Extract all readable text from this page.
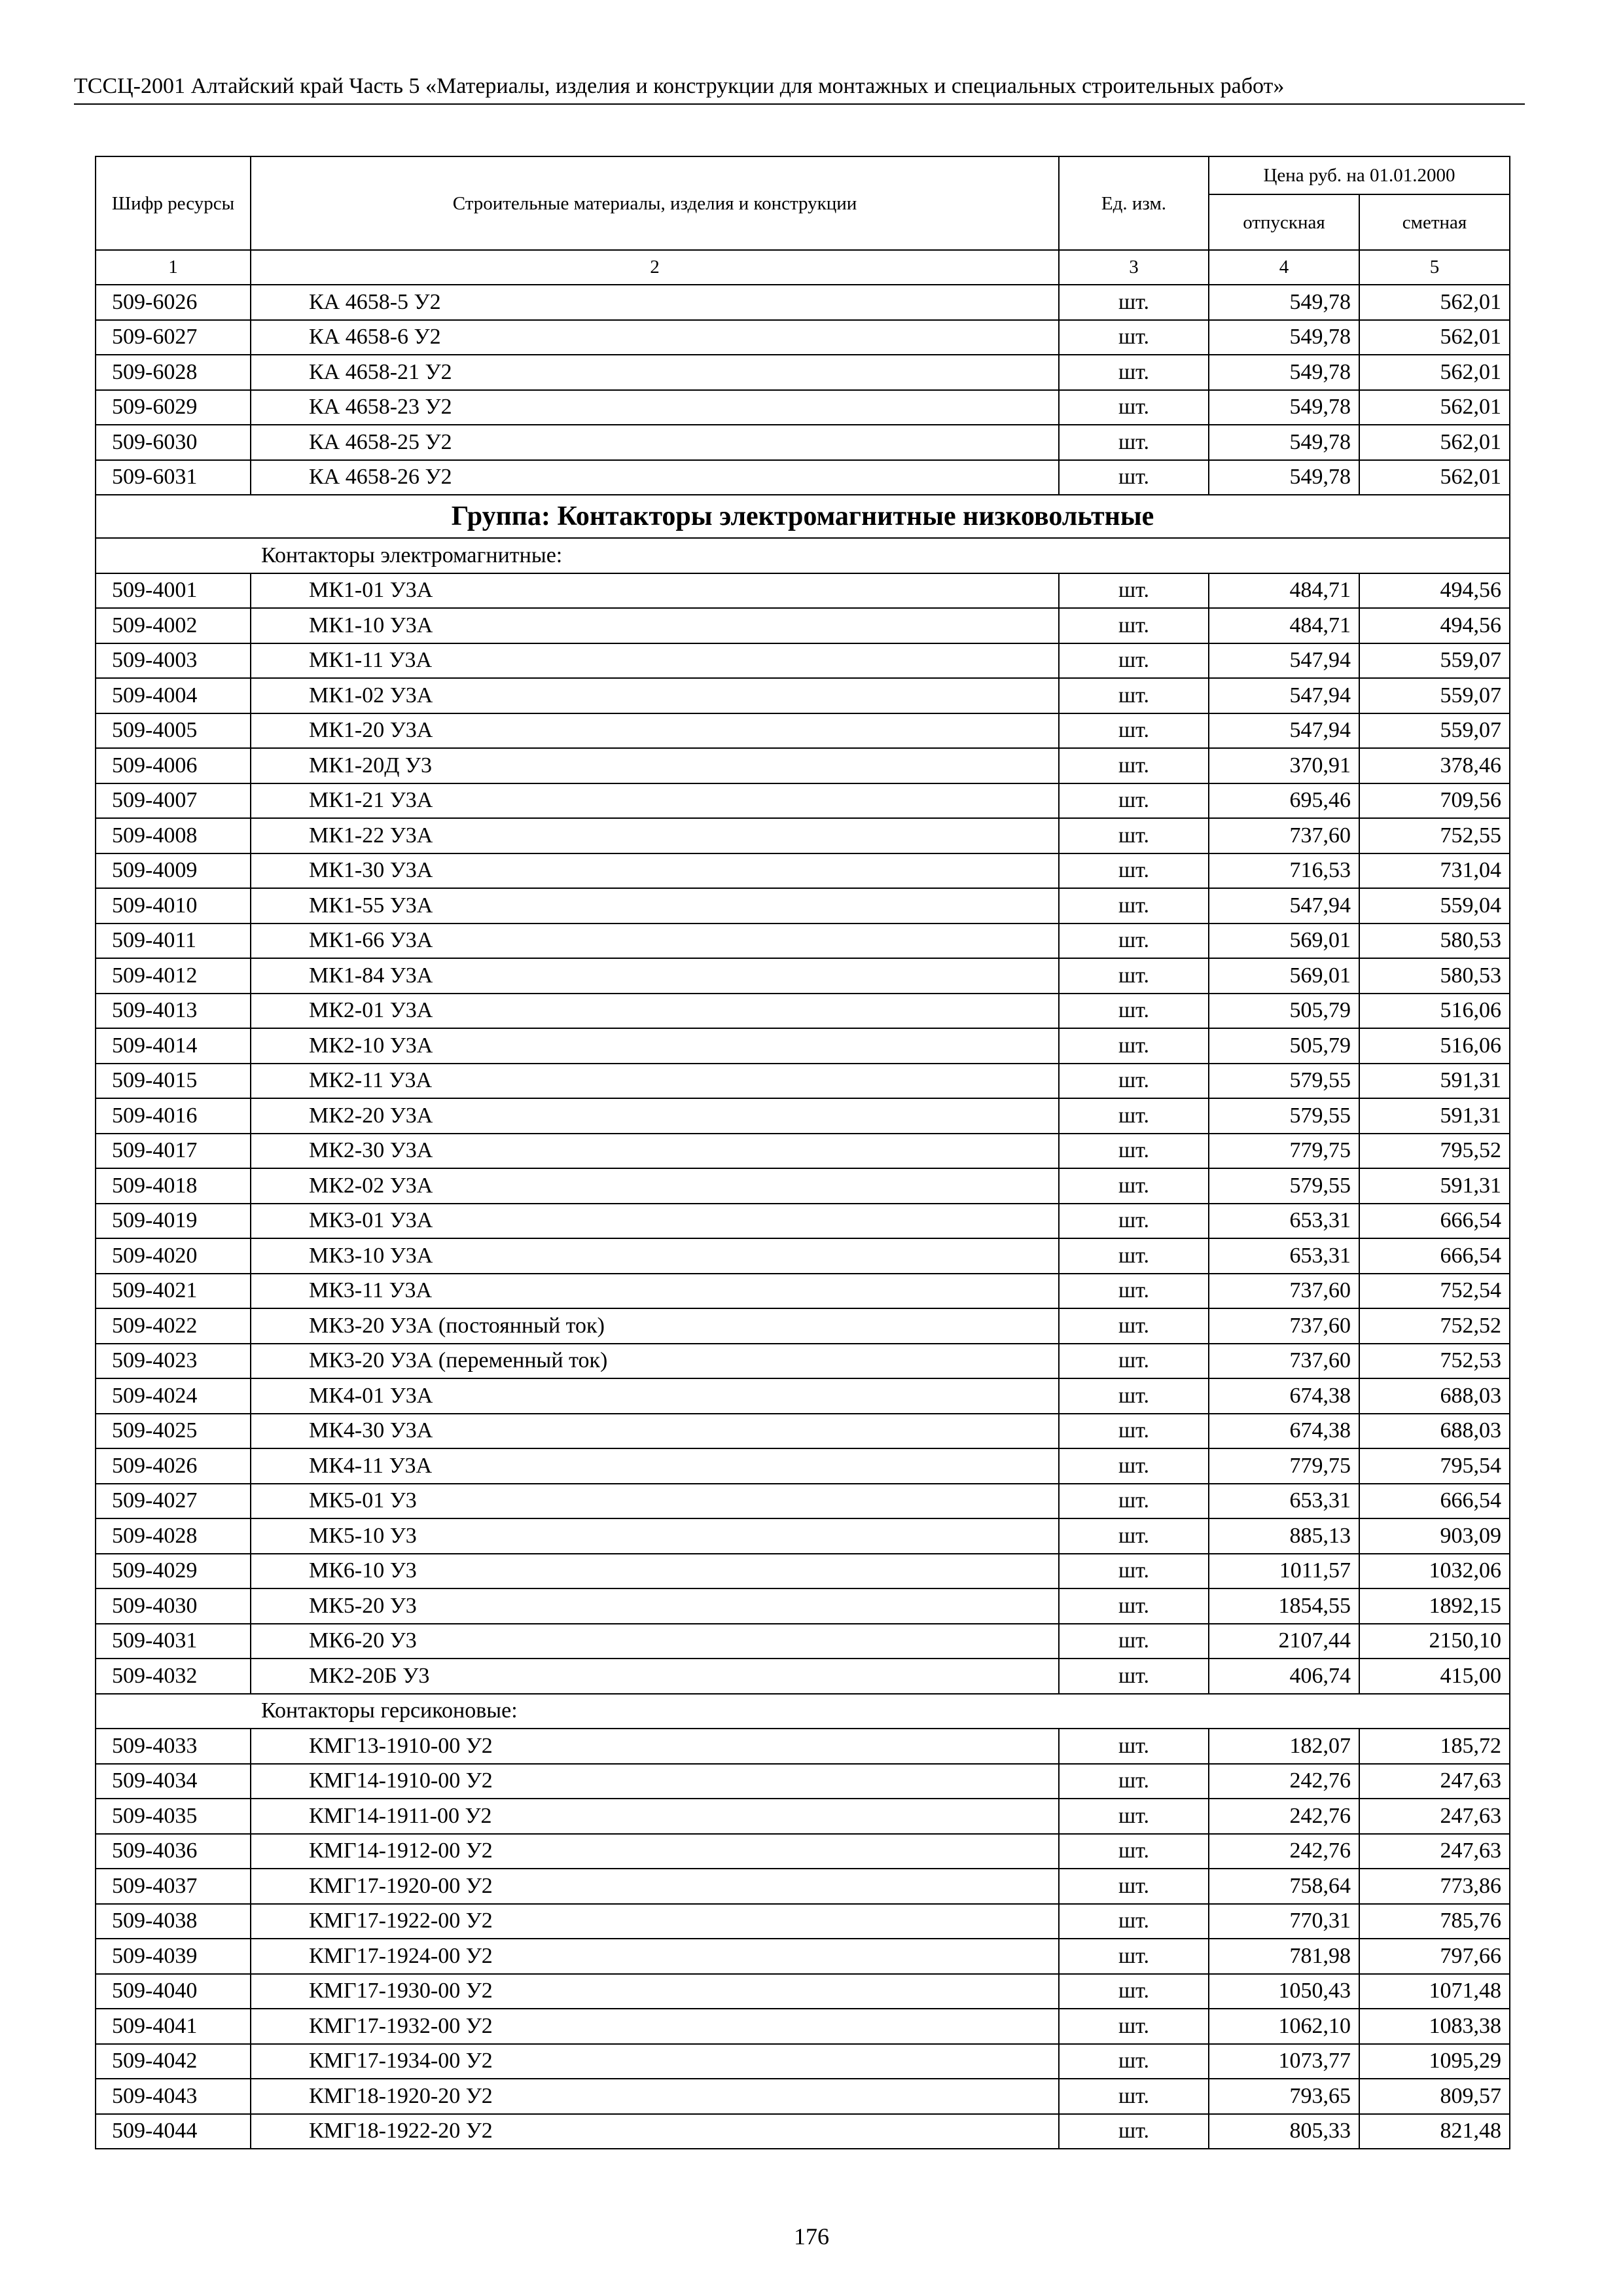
ТССЦ-2001 Алтайский край Часть 5 «Материалы, изделия и конструкции для монтажных и специальных строительных работ»
Шифр ресурсы	Строительные материалы, изделия и конструкции	Ед. изм.	Цена руб. на 01.01.2000	
			отпускная	сметная
1	2	3	4	5
509-6026	КА 4658-5 У2	шт.	549,78	562,01
509-6027	КА 4658-6 У2	шт.	549,78	562,01
509-6028	КА 4658-21 У2	шт.	549,78	562,01
509-6029	КА 4658-23 У2	шт.	549,78	562,01
509-6030	КА 4658-25 У2	шт.	549,78	562,01
509-6031	КА 4658-26 У2	шт.	549,78	562,01
Группа: Контакторы электромагнитные низковольтные				
Контакторы электромагнитные:				
509-4001	МК1-01 У3А	шт.	484,71	494,56
509-4002	МК1-10 У3А	шт.	484,71	494,56
509-4003	МК1-11 У3А	шт.	547,94	559,07
509-4004	МК1-02 У3А	шт.	547,94	559,07
509-4005	МК1-20 У3А	шт.	547,94	559,07
509-4006	МК1-20Д У3	шт.	370,91	378,46
509-4007	МК1-21 У3А	шт.	695,46	709,56
509-4008	МК1-22 У3А	шт.	737,60	752,55
509-4009	МК1-30 У3А	шт.	716,53	731,04
509-4010	МК1-55 У3А	шт.	547,94	559,04
509-4011	МК1-66 У3А	шт.	569,01	580,53
509-4012	МК1-84 У3А	шт.	569,01	580,53
509-4013	МК2-01 У3А	шт.	505,79	516,06
509-4014	МК2-10 У3А	шт.	505,79	516,06
509-4015	МК2-11 У3А	шт.	579,55	591,31
509-4016	МК2-20 У3А	шт.	579,55	591,31
509-4017	МК2-30 У3А	шт.	779,75	795,52
509-4018	МК2-02 У3А	шт.	579,55	591,31
509-4019	МК3-01 У3А	шт.	653,31	666,54
509-4020	МК3-10 У3А	шт.	653,31	666,54
509-4021	МК3-11 У3А	шт.	737,60	752,54
509-4022	МК3-20 У3А (постоянный ток)	шт.	737,60	752,52
509-4023	МК3-20 У3А (переменный ток)	шт.	737,60	752,53
509-4024	МК4-01 У3А	шт.	674,38	688,03
509-4025	МК4-30 У3А	шт.	674,38	688,03
509-4026	МК4-11 У3А	шт.	779,75	795,54
509-4027	МК5-01 У3	шт.	653,31	666,54
509-4028	МК5-10 У3	шт.	885,13	903,09
509-4029	МК6-10 У3	шт.	1011,57	1032,06
509-4030	МК5-20 У3	шт.	1854,55	1892,15
509-4031	МК6-20 У3	шт.	2107,44	2150,10
509-4032	МК2-20Б У3	шт.	406,74	415,00
Контакторы герсиконовые:				
509-4033	КМГ13-1910-00 У2	шт.	182,07	185,72
509-4034	КМГ14-1910-00 У2	шт.	242,76	247,63
509-4035	КМГ14-1911-00 У2	шт.	242,76	247,63
509-4036	КМГ14-1912-00 У2	шт.	242,76	247,63
509-4037	КМГ17-1920-00 У2	шт.	758,64	773,86
509-4038	КМГ17-1922-00 У2	шт.	770,31	785,76
509-4039	КМГ17-1924-00 У2	шт.	781,98	797,66
509-4040	КМГ17-1930-00 У2	шт.	1050,43	1071,48
509-4041	КМГ17-1932-00 У2	шт.	1062,10	1083,38
509-4042	КМГ17-1934-00 У2	шт.	1073,77	1095,29
509-4043	КМГ18-1920-20 У2	шт.	793,65	809,57
509-4044	КМГ18-1922-20 У2	шт.	805,33	821,48
176
